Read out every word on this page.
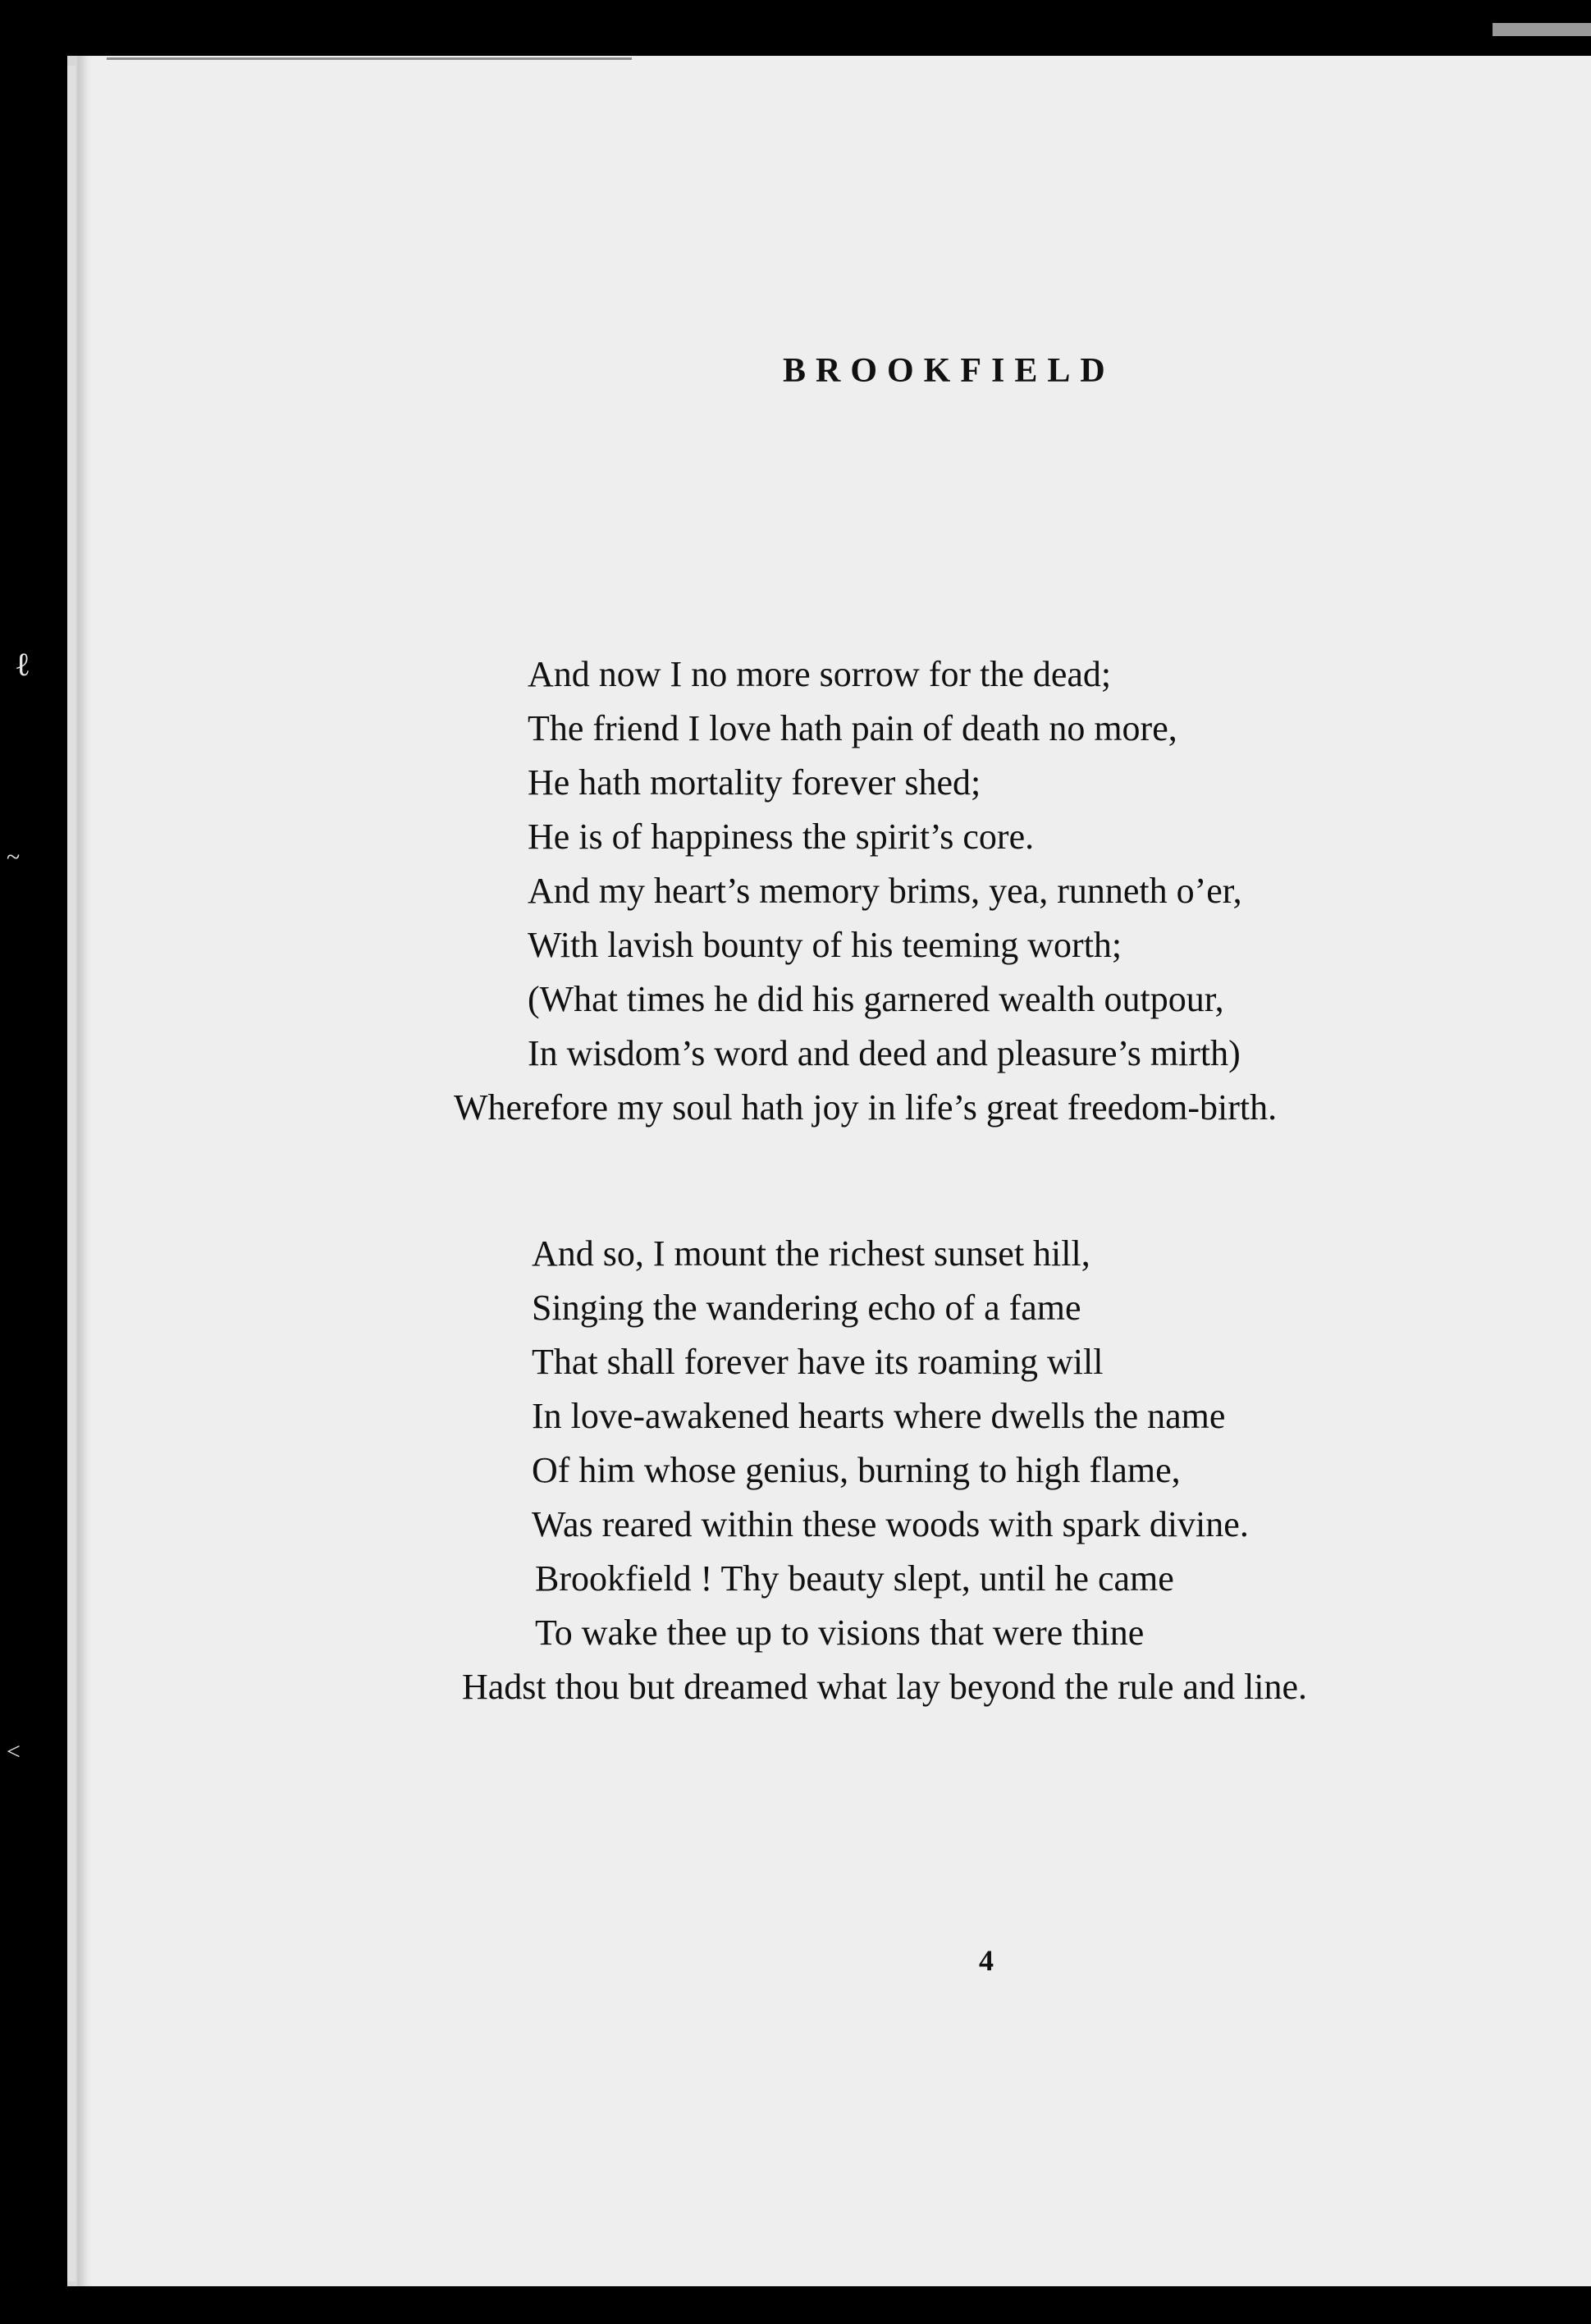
ℓ
~
<
BROOKFIELD
And now I no more sorrow for the dead;
The friend I love hath pain of death no more,
He hath mortality forever shed;
He is of happiness the spirit’s core.
And my heart’s memory brims, yea, runneth o’er,
With lavish bounty of his teeming worth;
(What times he did his garnered wealth outpour,
In wisdom’s word and deed and pleasure’s mirth)
Wherefore my soul hath joy in life’s great freedom-birth.
And so, I mount the richest sunset hill,
Singing the wandering echo of a fame
That shall forever have its roaming will
In love-awakened hearts where dwells the name
Of him whose genius, burning to high flame,
Was reared within these woods with spark divine.
Brookfield ! Thy beauty slept, until he came
To wake thee up to visions that were thine
Hadst thou but dreamed what lay beyond the rule and line.
4
